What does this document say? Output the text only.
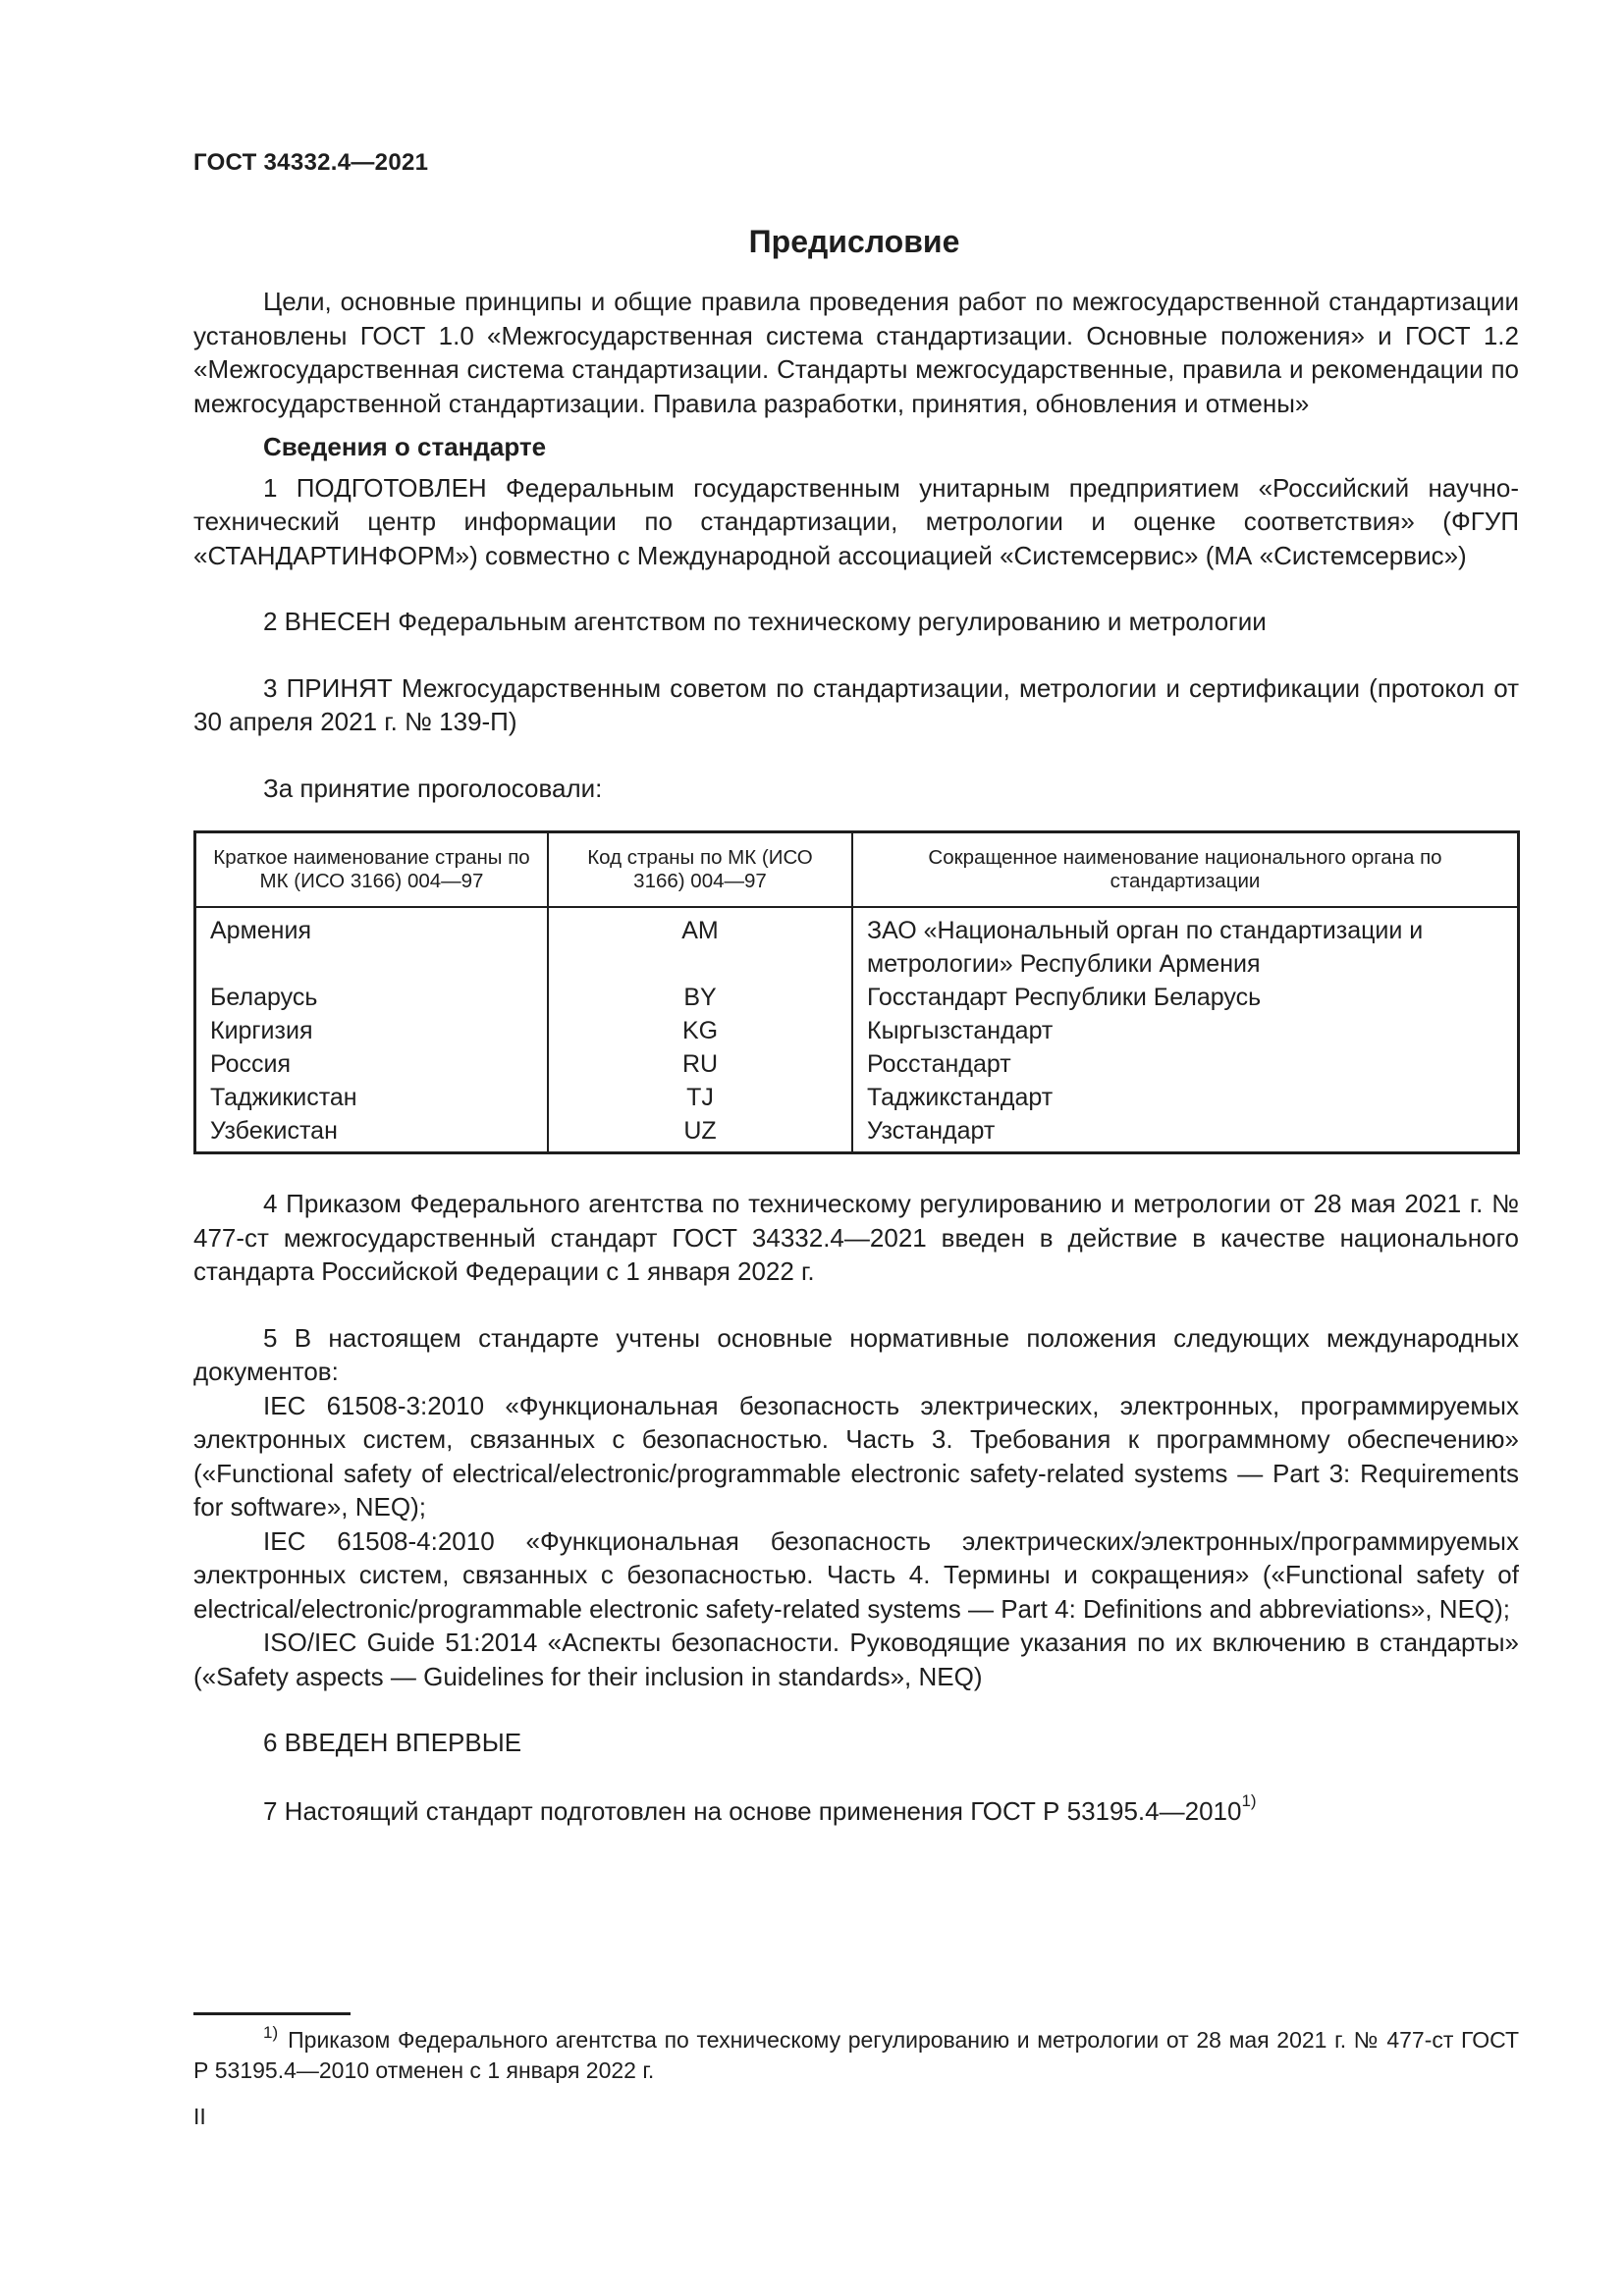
ГОСТ 34332.4—2021
Предисловие

Цели, основные принципы и общие правила проведения работ по межгосударственной стандартизации установлены ГОСТ 1.0 «Межгосударственная система стандартизации. Основные положения» и ГОСТ 1.2 «Межгосударственная система стандартизации. Стандарты межгосударственные, правила и рекомендации по межгосударственной стандартизации. Правила разработки, принятия, обновления и отмены»

Сведения о стандарте

1 ПОДГОТОВЛЕН Федеральным государственным унитарным предприятием «Российский научно-технический центр информации по стандартизации, метрологии и оценке соответствия» (ФГУП «СТАНДАРТИНФОРМ») совместно с Международной ассоциацией «Системсервис» (МА «Системсервис»)

2 ВНЕСЕН Федеральным агентством по техническому регулированию и метрологии

3 ПРИНЯТ Межгосударственным советом по стандартизации, метрологии и сертификации (протокол от 30 апреля 2021 г. № 139-П)

За принятие проголосовали:

Краткое наименование страны по МК (ИСО 3166) 004—97	Код страны по МК (ИСО 3166) 004—97	Сокращенное наименование национального органа по стандартизации
Армения	AM	ЗАО «Национальный орган по стандартизации и метрологии» Республики Армения
Беларусь	BY	Госстандарт Республики Беларусь
Киргизия	KG	Кыргызстандарт
Россия	RU	Росстандарт
Таджикистан	TJ	Таджикстандарт
Узбекистан	UZ	Узстандарт

4 Приказом Федерального агентства по техническому регулированию и метрологии от 28 мая 2021 г. № 477-ст межгосударственный стандарт ГОСТ 34332.4—2021 введен в действие в качестве национального стандарта Российской Федерации с 1 января 2022 г.

5 В настоящем стандарте учтены основные нормативные положения следующих международных документов:

IEC 61508-3:2010 «Функциональная безопасность электрических, электронных, программируемых электронных систем, связанных с безопасностью. Часть 3. Требования к программному обеспечению» («Functional safety of electrical/electronic/programmable electronic safety-related systems — Part 3: Requirements for software», NEQ);

IEC 61508-4:2010 «Функциональная безопасность электрических/электронных/программируемых электронных систем, связанных с безопасностью. Часть 4. Термины и сокращения» («Functional safety of electrical/electronic/programmable electronic safety-related systems — Part 4: Definitions and abbreviations», NEQ);

ISO/IEC Guide 51:2014 «Аспекты безопасности. Руководящие указания по их включению в стандарты» («Safety aspects — Guidelines for their inclusion in standards», NEQ)

6 ВВЕДЕН ВПЕРВЫЕ

7 Настоящий стандарт подготовлен на основе применения ГОСТ Р 53195.4—2010$^{1)}$

$^{1)}$ Приказом Федерального агентства по техническому регулированию и метрологии от 28 мая 2021 г. № 477-ст ГОСТ Р 53195.4—2010 отменен с 1 января 2022 г.

II
